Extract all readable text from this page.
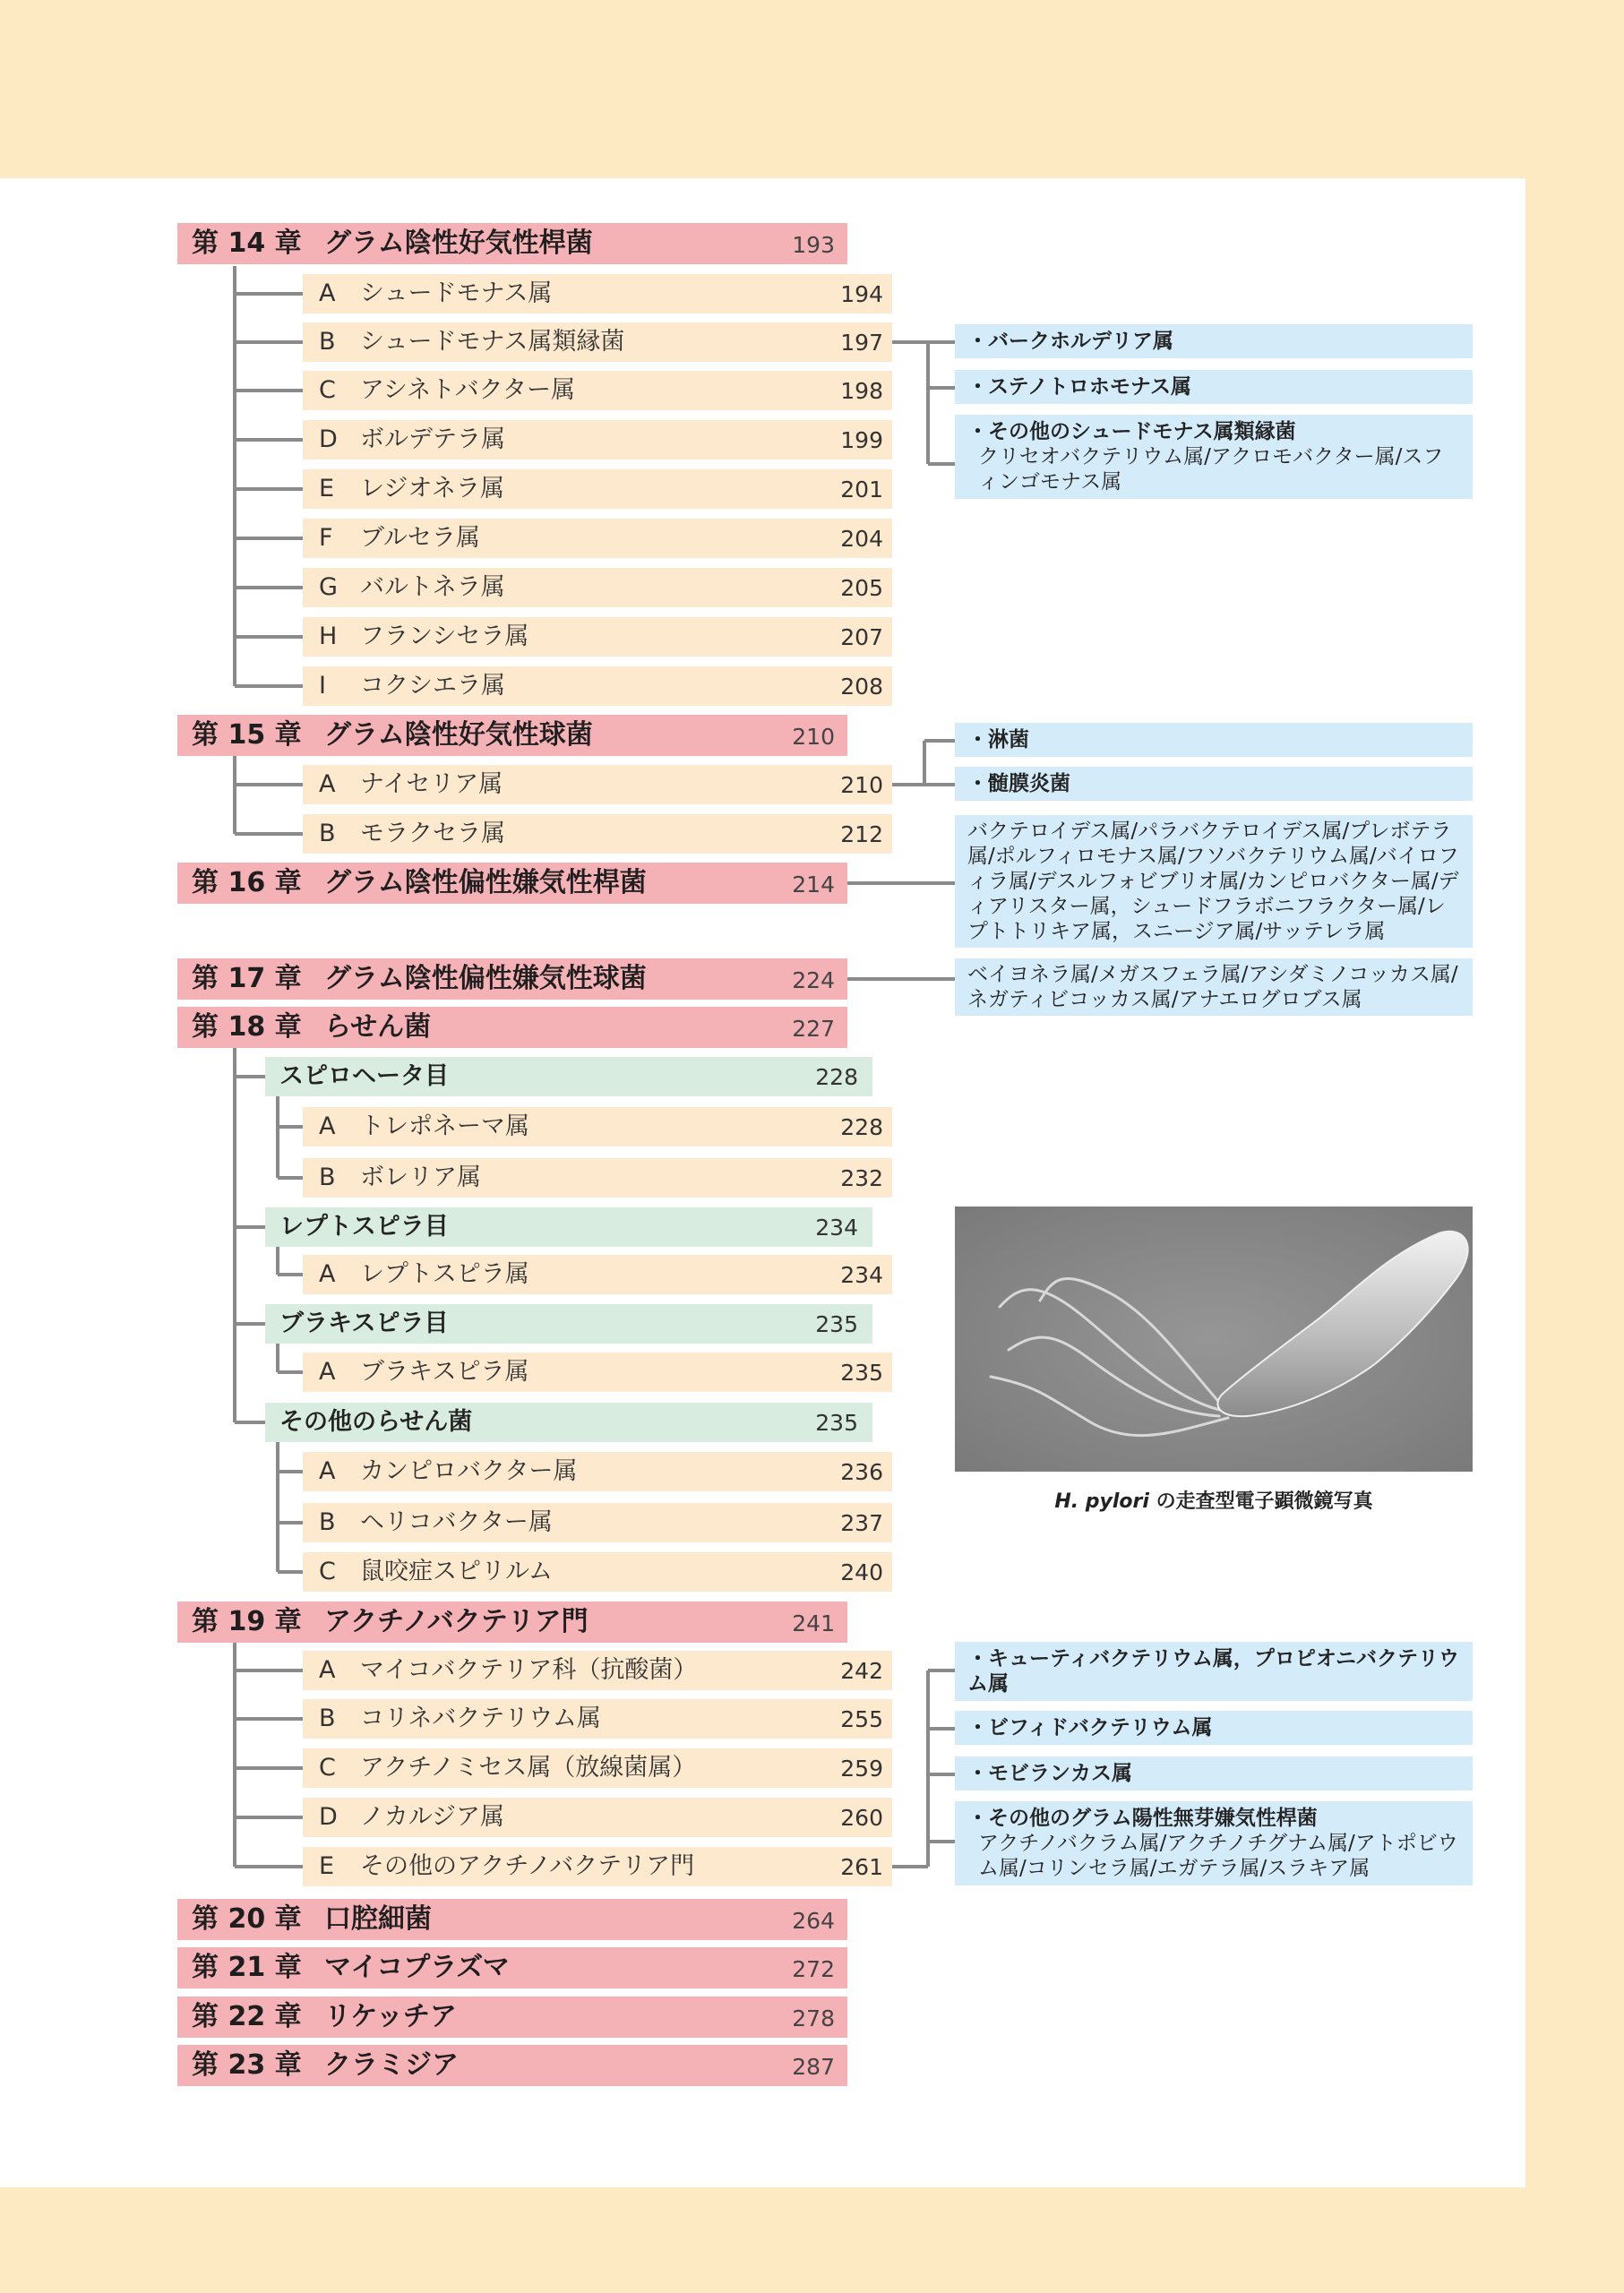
第 14 章 グラム陰性好気性桿菌	193
A シュードモナス属	194
B シュードモナス属類縁菌	197
C アシネトバクター属	198
D ボルデテラ属	199
E レジオネラ属	201
F ブルセラ属	204
G バルトネラ属	205
H フランシセラ属	207
I コクシエラ属	208
第 15 章 グラム陰性好気性球菌	210
A ナイセリア属	210
B モラクセラ属	212
第 16 章 グラム陰性偏性嫌気性桿菌	214
第 17 章 グラム陰性偏性嫌気性球菌	224
第 18 章 らせん菌	227
スピロヘータ目	228
A トレポネーマ属	228
B ボレリア属	232
レプトスピラ目	234
A レプトスピラ属	234
ブラキスピラ目	235
A ブラキスピラ属	235
その他のらせん菌	235
A カンピロバクター属	236
B ヘリコバクター属	237
C 鼠咬症スピリルム	240
第 19 章 アクチノバクテリア門	241
A マイコバクテリア科（抗酸菌）	242
B コリネバクテリウム属	255
C アクチノミセス属（放線菌属）	259
D ノカルジア属	260
E その他のアクチノバクテリア門	261
第 20 章 口腔細菌	264
第 21 章 マイコプラズマ	272
第 22 章 リケッチア	278
第 23 章 クラミジア	287
・バークホルデリア属
・ステノトロホモナス属
・その他のシュードモナス属類縁菌
クリセオバクテリウム属/アクロモバクター属/スフィンゴモナス属
・淋菌
・髄膜炎菌
バクテロイデス属/パラバクテロイデス属/プレボテラ属/ポルフィロモナス属/フソバクテリウム属/バイロフィラ属/デスルフォビブリオ属/カンピロバクター属/ディアリスター属，シュードフラボニフラクター属/レプトトリキア属，スニージア属/サッテレラ属
ベイヨネラ属/メガスフェラ属/アシダミノコッカス属/ネガティビコッカス属/アナエログロブス属
・キューティバクテリウム属，プロピオニバクテリウム属
・ビフィドバクテリウム属
・モビランカス属
・その他のグラム陽性無芽嫌気性桿菌
アクチノバクラム属/アクチノチグナム属/アトポビウム属/コリンセラ属/エガテラ属/スラキア属
H. pylori の走査型電子顕微鏡写真
